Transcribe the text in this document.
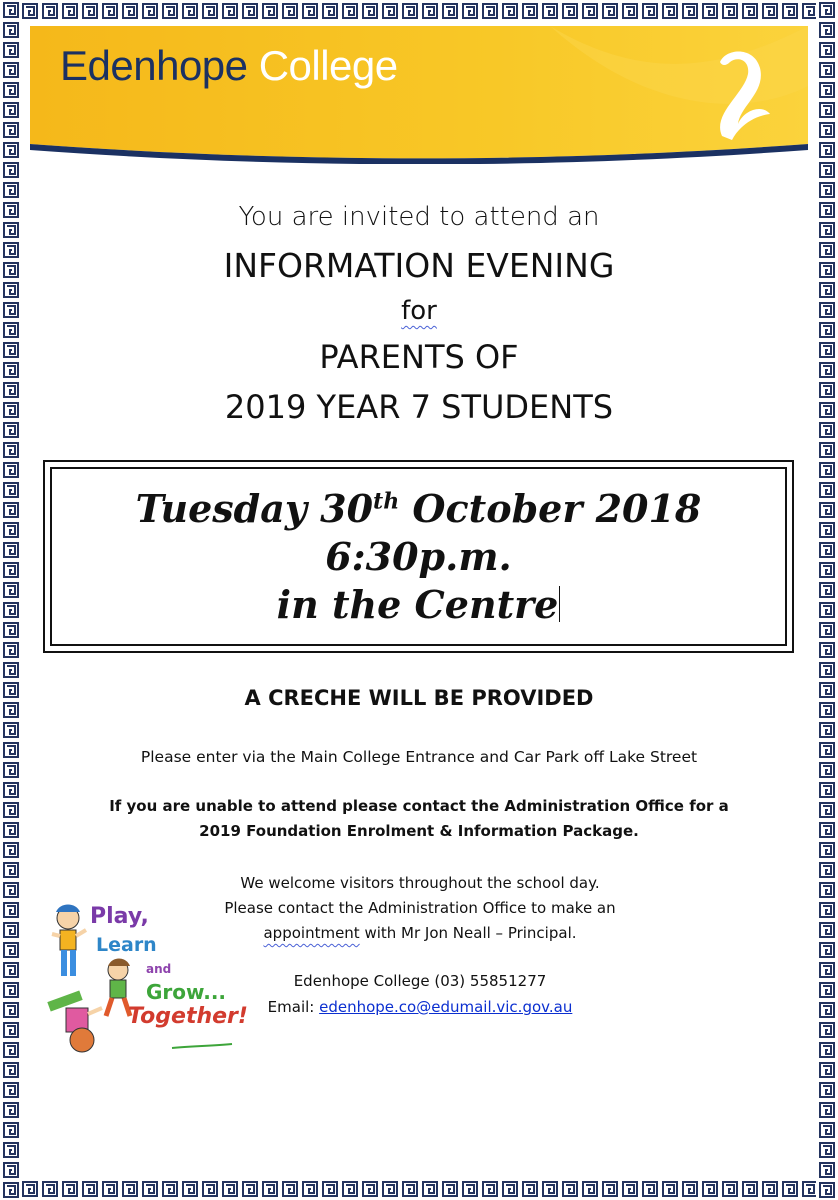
Edenhope College
You are invited to attend an
INFORMATION EVENING
for
PARENTS OF
2019 YEAR 7 STUDENTS
Tuesday 30th October 2018
6:30p.m.
in the Centre
A CRECHE WILL BE PROVIDED
Please enter via the Main College Entrance and Car Park off Lake Street
If you are unable to attend please contact the Administration Office for a
2019 Foundation Enrolment & Information Package.
We welcome visitors throughout the school day.
Please contact the Administration Office to make an
appointment with Mr Jon Neall – Principal.
Edenhope College (03) 55851277
Email: edenhope.co@edumail.vic.gov.au
Play,
Learn
and
Grow...
Together!
